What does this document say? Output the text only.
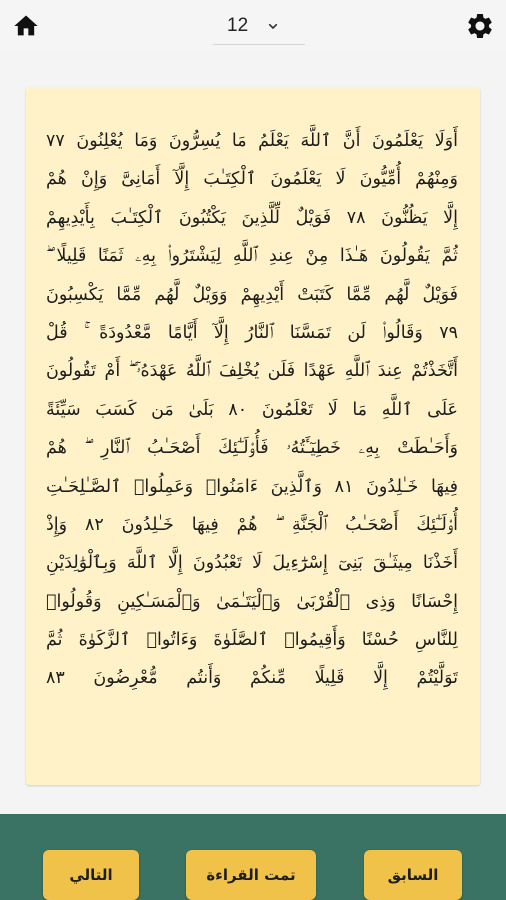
12
أَوَلَا يَعْلَمُونَ أَنَّ ٱللَّهَ يَعْلَمُ مَا يُسِرُّونَ وَمَا يُعْلِنُونَ ٧٧
وَمِنْهُمْ أُمِّيُّونَ لَا يَعْلَمُونَ ٱلْكِتَـٰبَ إِلَّآ أَمَانِىَّ وَإِنْ هُمْ
إِلَّا يَظُنُّونَ ٧٨ فَوَيْلٌ لِّلَّذِينَ يَكْتُبُونَ ٱلْكِتَـٰبَ بِأَيْدِيهِمْ
ثُمَّ يَقُولُونَ هَـٰذَا مِنْ عِندِ ٱللَّهِ لِيَشْتَرُوا۟ بِهِۦ ثَمَنًا قَلِيلًا ۖ
فَوَيْلٌ لَّهُم مِّمَّا كَتَبَتْ أَيْدِيهِمْ وَوَيْلٌ لَّهُم مِّمَّا يَكْسِبُونَ
٧٩ وَقَالُوا۟ لَن تَمَسَّنَا ٱلنَّارُ إِلَّآ أَيَّامًا مَّعْدُودَةً ۚ قُلْ
أَتَّخَذْتُمْ عِندَ ٱللَّهِ عَهْدًا فَلَن يُخْلِفَ ٱللَّهُ عَهْدَهُۥٓ ۖ أَمْ تَقُولُونَ
عَلَى ٱللَّهِ مَا لَا تَعْلَمُونَ ٨٠ بَلَىٰ مَن كَسَبَ سَيِّئَةً
وَأَحَـٰطَتْ بِهِۦ خَطِيٓـَٔتُهُۥ فَأُو۟لَـٰٓئِكَ أَصْحَـٰبُ ٱلنَّارِ ۖ هُمْ
فِيهَا خَـٰلِدُونَ ٨١ وَٱلَّذِينَ ءَامَنُوا۟ وَعَمِلُوا۟ ٱلصَّـٰلِحَـٰتِ
أُو۟لَـٰٓئِكَ أَصْحَـٰبُ ٱلْجَنَّةِ ۖ هُمْ فِيهَا خَـٰلِدُونَ ٨٢ وَإِذْ
أَخَذْنَا مِيثَـٰقَ بَنِىٓ إِسْرَٰٓءِيلَ لَا تَعْبُدُونَ إِلَّا ٱللَّهَ وَبِٱلْوَٰلِدَيْنِ
إِحْسَانًا وَذِى ٱلْقُرْبَىٰ وَٱلْيَتَـٰمَىٰ وَٱلْمَسَـٰكِينِ وَقُولُوا۟
لِلنَّاسِ حُسْنًا وَأَقِيمُوا۟ ٱلصَّلَوٰةَ وَءَاتُوا۟ ٱلزَّكَوٰةَ ثُمَّ
تَوَلَّيْتُمْ إِلَّا قَلِيلًا مِّنكُمْ وَأَنتُم مُّعْرِضُونَ ٨٣
السابق
تمت القراءة
التالي
